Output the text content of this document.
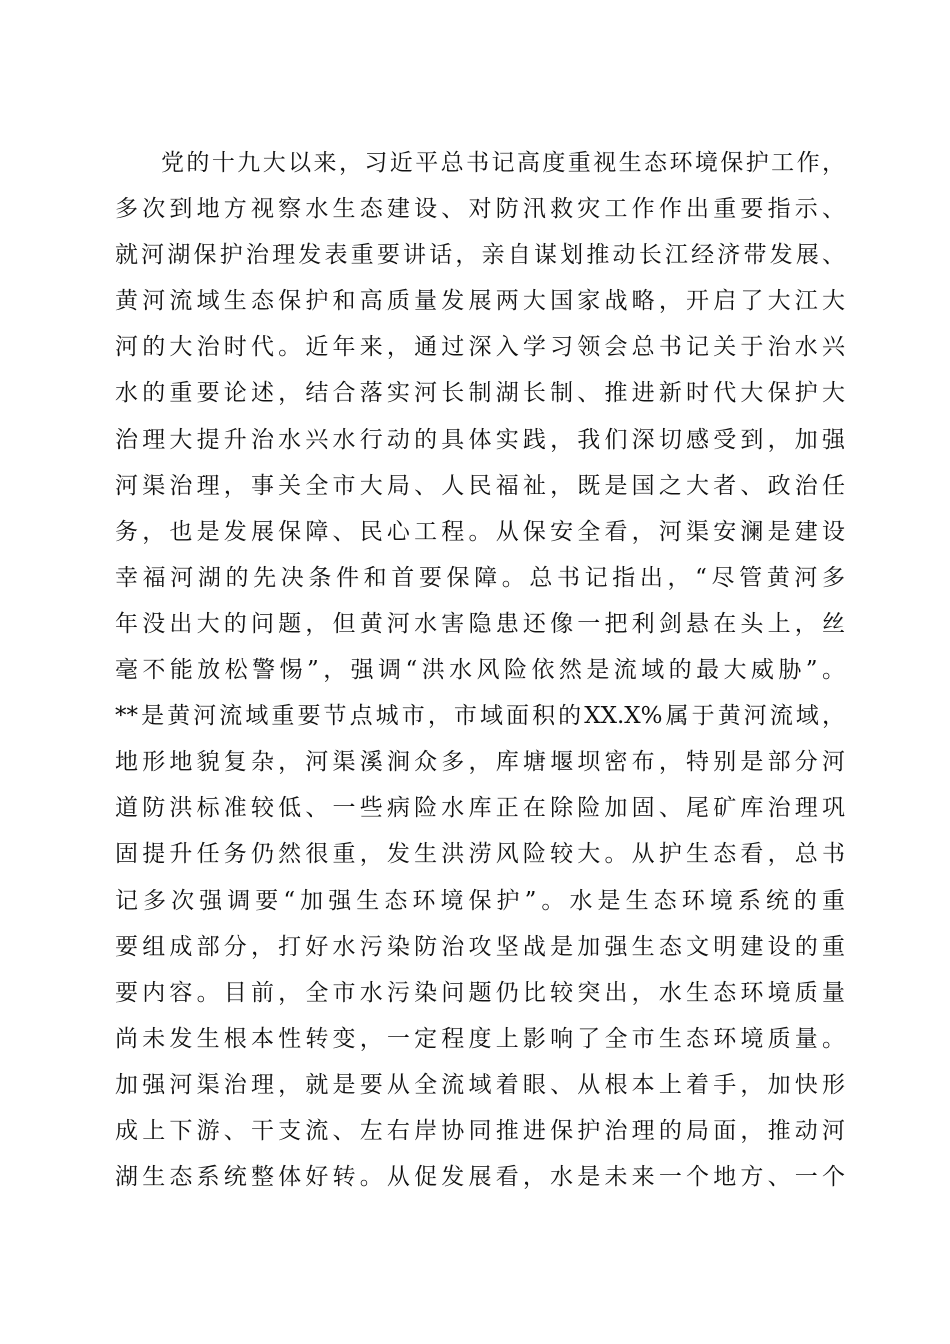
党的十九大以来，习近平总书记高度重视生态环境保护工作，
多次到地方视察水生态建设、对防汛救灾工作作出重要指示、
就河湖保护治理发表重要讲话，亲自谋划推动长江经济带发展、
黄河流域生态保护和高质量发展两大国家战略，开启了大江大
河的大治时代。近年来，通过深入学习领会总书记关于治水兴
水的重要论述，结合落实河长制湖长制、推进新时代大保护大
治理大提升治水兴水行动的具体实践，我们深切感受到，加强
河渠治理，事关全市大局、人民福祉，既是国之大者、政治任
务，也是发展保障、民心工程。从保安全看，河渠安澜是建设
幸福河湖的先决条件和首要保障。总书记指出，“尽管黄河多
年没出大的问题，但黄河水害隐患还像一把利剑悬在头上，丝
毫不能放松警惕”，强调“洪水风险依然是流域的最大威胁”。
**是黄河流域重要节点城市，市域面积的XX.X%属于黄河流域，
地形地貌复杂，河渠溪涧众多，库塘堰坝密布，特别是部分河
道防洪标准较低、一些病险水库正在除险加固、尾矿库治理巩
固提升任务仍然很重，发生洪涝风险较大。从护生态看，总书
记多次强调要“加强生态环境保护”。水是生态环境系统的重
要组成部分，打好水污染防治攻坚战是加强生态文明建设的重
要内容。目前，全市水污染问题仍比较突出，水生态环境质量
尚未发生根本性转变，一定程度上影响了全市生态环境质量。
加强河渠治理，就是要从全流域着眼、从根本上着手，加快形
成上下游、干支流、左右岸协同推进保护治理的局面，推动河
湖生态系统整体好转。从促发展看，水是未来一个地方、一个
